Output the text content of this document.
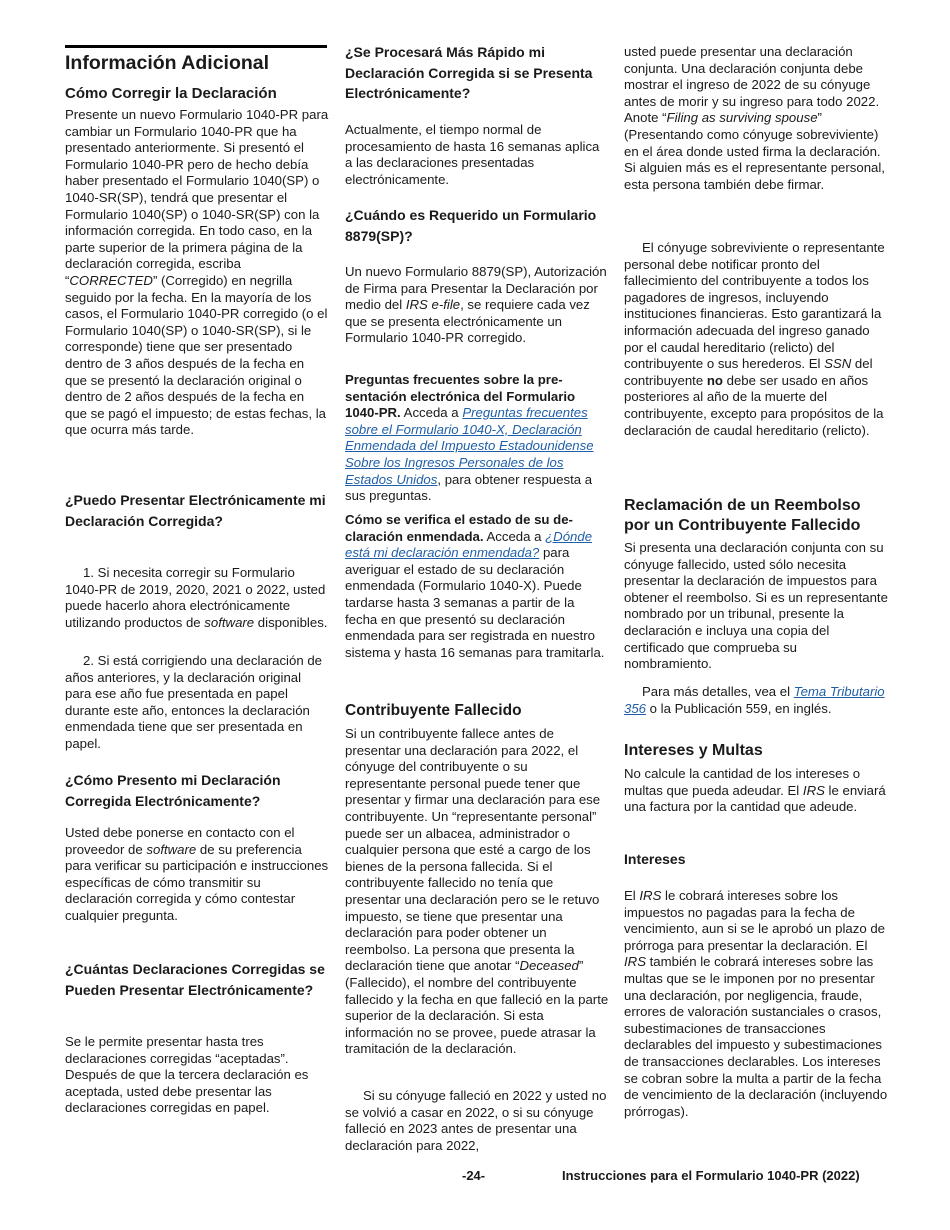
Información Adicional
Cómo Corregir la Declaración

Presente un nuevo Formulario 1040-PR para cambiar un Formulario 1040-PR que ha presentado anteriormente. Si presentó el Formulario 1040-PR pero de hecho debía haber presentado el Formulario 1040(SP) o 1040-SR(SP), tendrá que presentar el Formulario 1040(SP) o 1040-SR(SP) con la información corregida. En todo caso, en la parte superior de la primera página de la declaración corregida, escriba “CORRECTED” (Corregido) en negrilla seguido por la fecha. En la mayoría de los casos, el Formulario 1040-PR corregido (o el Formulario 1040(SP) o 1040-SR(SP), si le corresponde) tiene que ser presentado dentro de 3 años después de la fecha en que se presentó la declaración original o dentro de 2 años después de la fecha en que se pagó el impuesto; de estas fechas, la que ocurra más tarde.

¿Puedo Presentar Electrónicamente mi Declaración Corregida?

1. Si necesita corregir su Formulario 1040-PR de 2019, 2020, 2021 o 2022, usted puede hacerlo ahora electrónicamente utilizando productos de software disponibles.

2. Si está corrigiendo una declaración de años anteriores, y la declaración original para ese año fue presentada en papel durante este año, entonces la declaración enmendada tiene que ser presentada en papel.

¿Cómo Presento mi Declaración Corregida Electrónicamente?

Usted debe ponerse en contacto con el proveedor de software de su preferencia para verificar su participación e instrucciones específicas de cómo transmitir su declaración corregida y cómo contestar cualquier pregunta.

¿Cuántas Declaraciones Corregidas se Pueden Presentar Electrónicamente?

Se le permite presentar hasta tres declaraciones corregidas “aceptadas”. Después de que la tercera declaración es aceptada, usted debe presentar las declaraciones corregidas en papel.

¿Se Procesará Más Rápido mi Declaración Corregida si se Presenta Electrónicamente?

Actualmente, el tiempo normal de procesamiento de hasta 16 semanas aplica a las declaraciones presentadas electrónicamente.

¿Cuándo es Requerido un Formulario 8879(SP)?

Un nuevo Formulario 8879(SP), Autorización de Firma para Presentar la Declaración por medio del IRS e-file, se requiere cada vez que se presenta electrónicamente un Formulario 1040-PR corregido.

Preguntas frecuentes sobre la pre-sentación electrónica del Formulario 1040-PR. Acceda a Preguntas frecuentes sobre el Formulario 1040-X, Declaración Enmendada del Impuesto Estadounidense Sobre los Ingresos Personales de los Estados Unidos, para obtener respuesta a sus preguntas.

Cómo se verifica el estado de su de-claración enmendada. Acceda a ¿Dónde está mi declaración enmendada? para averiguar el estado de su declaración enmendada (Formulario 1040-X). Puede tardarse hasta 3 semanas a partir de la fecha en que presentó su declaración enmendada para ser registrada en nuestro sistema y hasta 16 semanas para tramitarla.

Contribuyente Fallecido

Si un contribuyente fallece antes de presentar una declaración para 2022, el cónyuge del contribuyente o su representante personal puede tener que presentar y firmar una declaración para ese contribuyente. Un “representante personal” puede ser un albacea, administrador o cualquier persona que esté a cargo de los bienes de la persona fallecida. Si el contribuyente fallecido no tenía que presentar una declaración pero se le retuvo impuesto, se tiene que presentar una declaración para poder obtener un reembolso. La persona que presenta la declaración tiene que anotar “Deceased” (Fallecido), el nombre del contribuyente fallecido y la fecha en que falleció en la parte superior de la declaración. Si esta información no se provee, puede atrasar la tramitación de la declaración.

Si su cónyuge falleció en 2022 y usted no se volvió a casar en 2022, o si su cónyuge falleció en 2023 antes de presentar una declaración para 2022,

usted puede presentar una declaración conjunta. Una declaración conjunta debe mostrar el ingreso de 2022 de su cónyuge antes de morir y su ingreso para todo 2022. Anote “Filing as surviving spouse” (Presentando como cónyuge sobreviviente) en el área donde usted firma la declaración. Si alguien más es el representante personal, esta persona también debe firmar.

El cónyuge sobreviviente o representante personal debe notificar pronto del fallecimiento del contribuyente a todos los pagadores de ingresos, incluyendo instituciones financieras. Esto garantizará la información adecuada del ingreso ganado por el caudal hereditario (relicto) del contribuyente o sus herederos. El SSN del contribuyente no debe ser usado en años posteriores al año de la muerte del contribuyente, excepto para propósitos de la declaración de caudal hereditario (relicto).

Reclamación de un Reembolso por un Contribuyente Fallecido

Si presenta una declaración conjunta con su cónyuge fallecido, usted sólo necesita presentar la declaración de impuestos para obtener el reembolso. Si es un representante nombrado por un tribunal, presente la declaración e incluya una copia del certificado que comprueba su nombramiento.

Para más detalles, vea el Tema Tributario 356 o la Publicación 559, en inglés.

Intereses y Multas

No calcule la cantidad de los intereses o multas que pueda adeudar. El IRS le enviará una factura por la cantidad que adeude.

Intereses

El IRS le cobrará intereses sobre los impuestos no pagadas para la fecha de vencimiento, aun si se le aprobó un plazo de prórroga para presentar la declaración. El IRS también le cobrará intereses sobre las multas que se le imponen por no presentar una declaración, por negligencia, fraude, errores de valoración sustanciales o crasos, subestimaciones de transacciones declarables del impuesto y subestimaciones de transacciones declarables. Los intereses se cobran sobre la multa a partir de la fecha de vencimiento de la declaración (incluyendo prórrogas).

-24-	Instrucciones para el Formulario 1040-PR (2022)
